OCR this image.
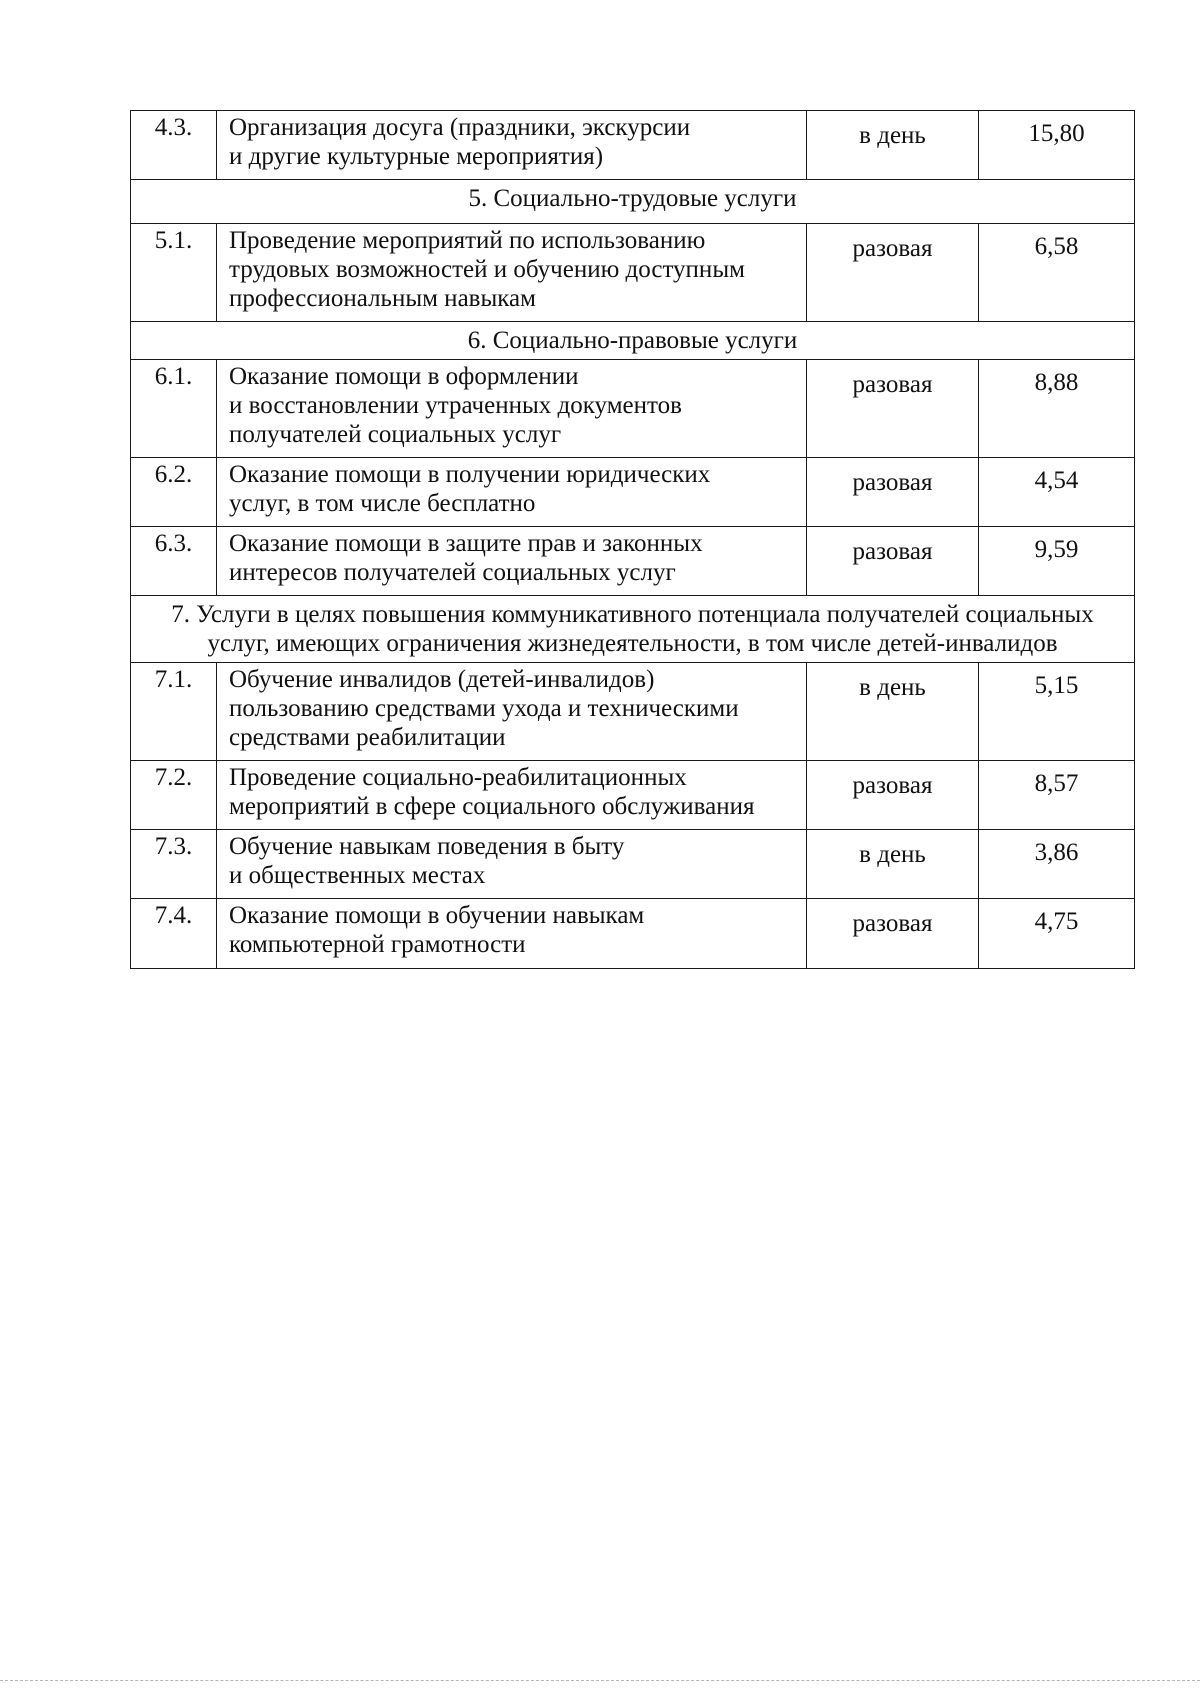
4.3.	Организация досуга (праздники, экскурсии
и другие культурные мероприятия)	в день	15,80
5. Социально-трудовые услуги			
5.1.	Проведение мероприятий по использованию
трудовых возможностей и обучению доступным
профессиональным навыкам	разовая	6,58
6. Социально-правовые услуги			
6.1.	Оказание помощи в оформлении
и восстановлении утраченных документов
получателей социальных услуг	разовая	8,88
6.2.	Оказание помощи в получении юридических
услуг, в том числе бесплатно	разовая	4,54
6.3.	Оказание помощи в защите прав и законных
интересов получателей социальных услуг	разовая	9,59
7. Услуги в целях повышения коммуникативного потенциала получателей социальных
услуг, имеющих ограничения жизнедеятельности, в том числе детей-инвалидов			
7.1.	Обучение инвалидов (детей-инвалидов)
пользованию средствами ухода и техническими
средствами реабилитации	в день	5,15
7.2.	Проведение социально-реабилитационных
мероприятий в сфере социального обслуживания	разовая	8,57
7.3.	Обучение навыкам поведения в быту
и общественных местах	в день	3,86
7.4.	Оказание помощи в обучении навыкам
компьютерной грамотности	разовая	4,75
